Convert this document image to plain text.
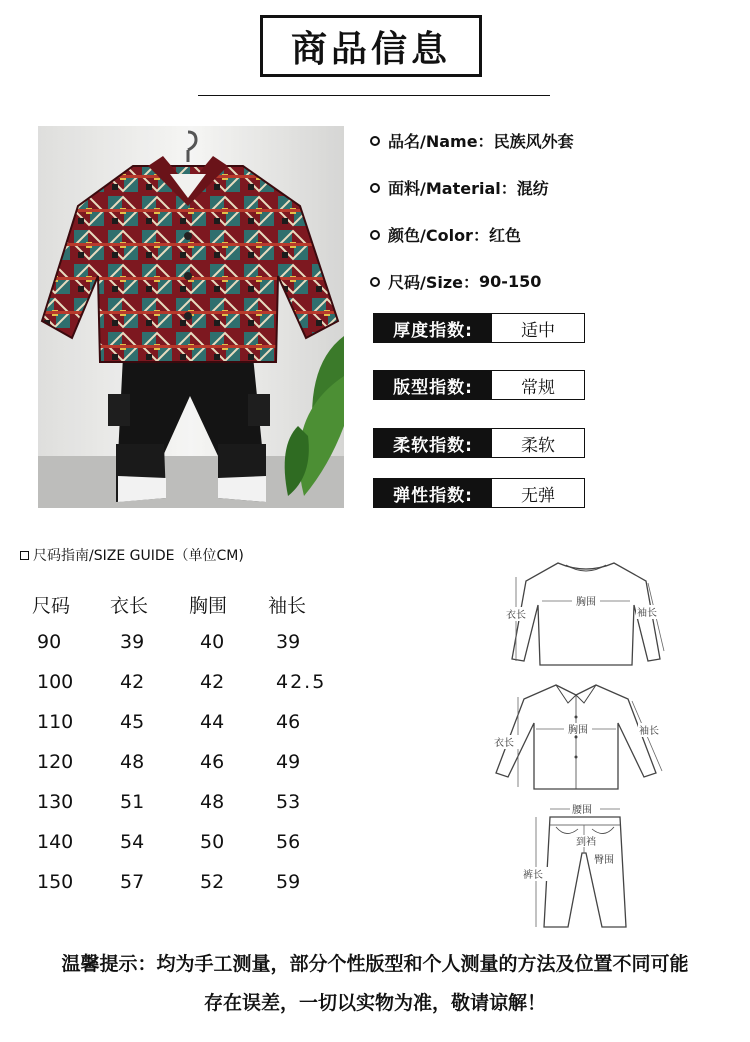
商品信息
品名/Name： 民族风外套
面料/Material： 混纺
颜色/Color： 红色
尺码/Size： 90-150
厚度指数:	适中
版型指数:	常规
柔软指数:	柔软
弹性指数:	无弹
尺码指南/SIZE GUIDE（单位CM)
尺码 衣长 胸围 袖长
90	39	40	39
100 42	42	42.5
110 45	44	46
120 48	46	49
130 51	48	53
140 54	50	56
150 57	52	59
衣长
胸围
袖长
衣长
胸围	袖长
腰围
到裆
臀围
裤长
温馨提示：均为手工测量，部分个性版型和个人测量的方法及位置不同可能
存在误差，一切以实物为准，敬请谅解！
